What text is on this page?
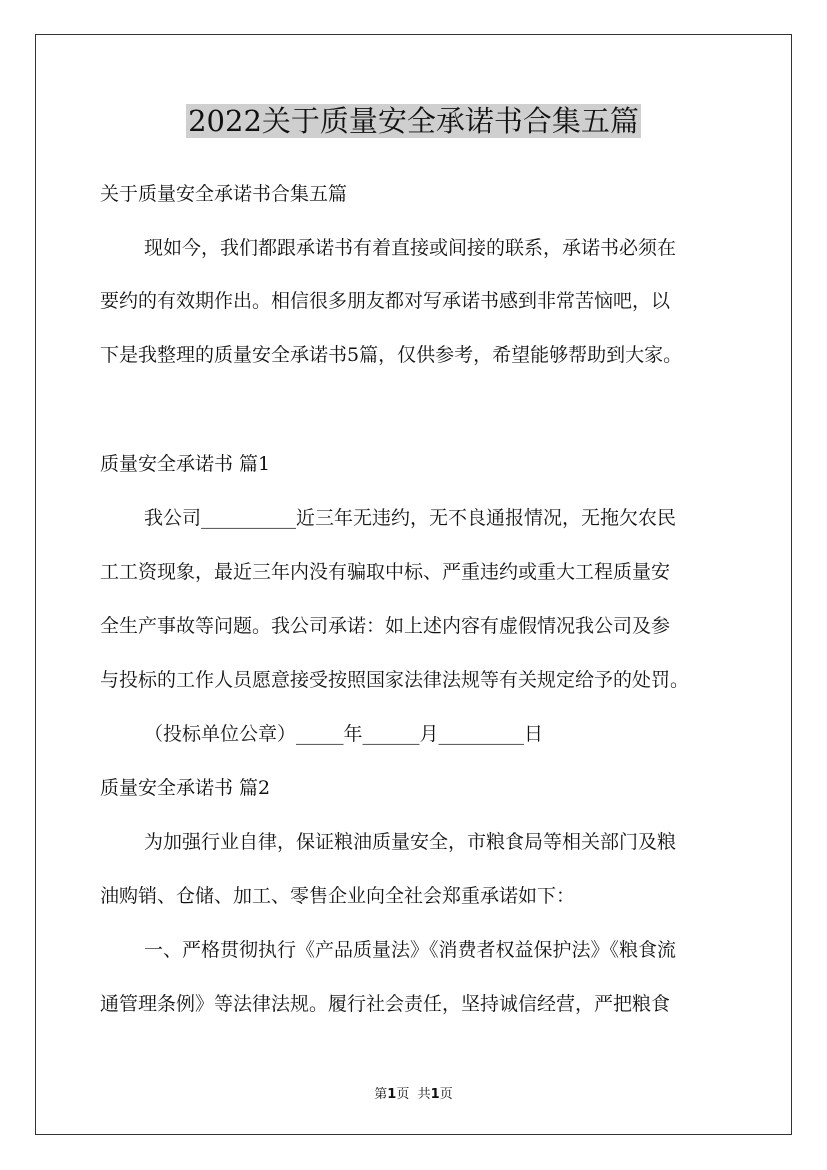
2022关于质量安全承诺书合集五篇
关于质量安全承诺书合集五篇
现如今，我们都跟承诺书有着直接或间接的联系，承诺书必须在
要约的有效期作出。相信很多朋友都对写承诺书感到非常苦恼吧，以
下是我整理的质量安全承诺书5篇，仅供参考，希望能够帮助到大家。
质量安全承诺书 篇1
我公司__________近三年无违约，无不良通报情况，无拖欠农民
工工资现象，最近三年内没有骗取中标、严重违约或重大工程质量安
全生产事故等问题。我公司承诺：如上述内容有虚假情况我公司及参
与投标的工作人员愿意接受按照国家法律法规等有关规定给予的处罚。
（投标单位公章）_____年______月_________日
质量安全承诺书 篇2
为加强行业自律，保证粮油质量安全，市粮食局等相关部门及粮
油购销、仓储、加工、零售企业向全社会郑重承诺如下：
一、严格贯彻执行《产品质量法》《消费者权益保护法》《粮食流
通管理条例》等法律法规。履行社会责任，坚持诚信经营，严把粮食
第1页 共1页
